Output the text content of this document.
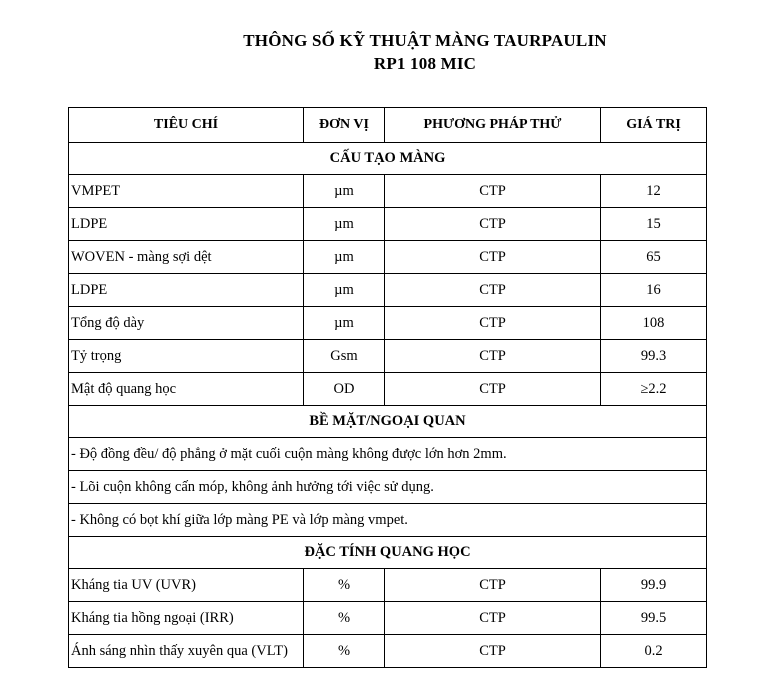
THÔNG SỐ KỸ THUẬT MÀNG TAURPAULIN
RP1 108 MIC
TIÊU CHÍ	ĐƠN VỊ	PHƯƠNG PHÁP THỬ	GIÁ TRỊ
CẤU TẠO MÀNG			
VMPET	µm	CTP	12
LDPE	µm	CTP	15
WOVEN - màng sợi dệt	µm	CTP	65
LDPE	µm	CTP	16
Tổng độ dày	µm	CTP	108
Tỷ trọng	Gsm	CTP	99.3
Mật độ quang học	OD	CTP	≥2.2
BỀ MẶT/NGOẠI QUAN			
- Độ đồng đều/ độ phẳng ở mặt cuối cuộn màng không được lớn hơn 2mm.			
- Lõi cuộn không cấn móp, không ảnh hưởng tới việc sử dụng.			
- Không có bọt khí giữa lớp màng PE và lớp màng vmpet.			
ĐẶC TÍNH QUANG HỌC			
Kháng tia UV (UVR)	%	CTP	99.9
Kháng tia hồng ngoại (IRR)	%	CTP	99.5
Ánh sáng nhìn thấy xuyên qua (VLT)	%	CTP	0.2
